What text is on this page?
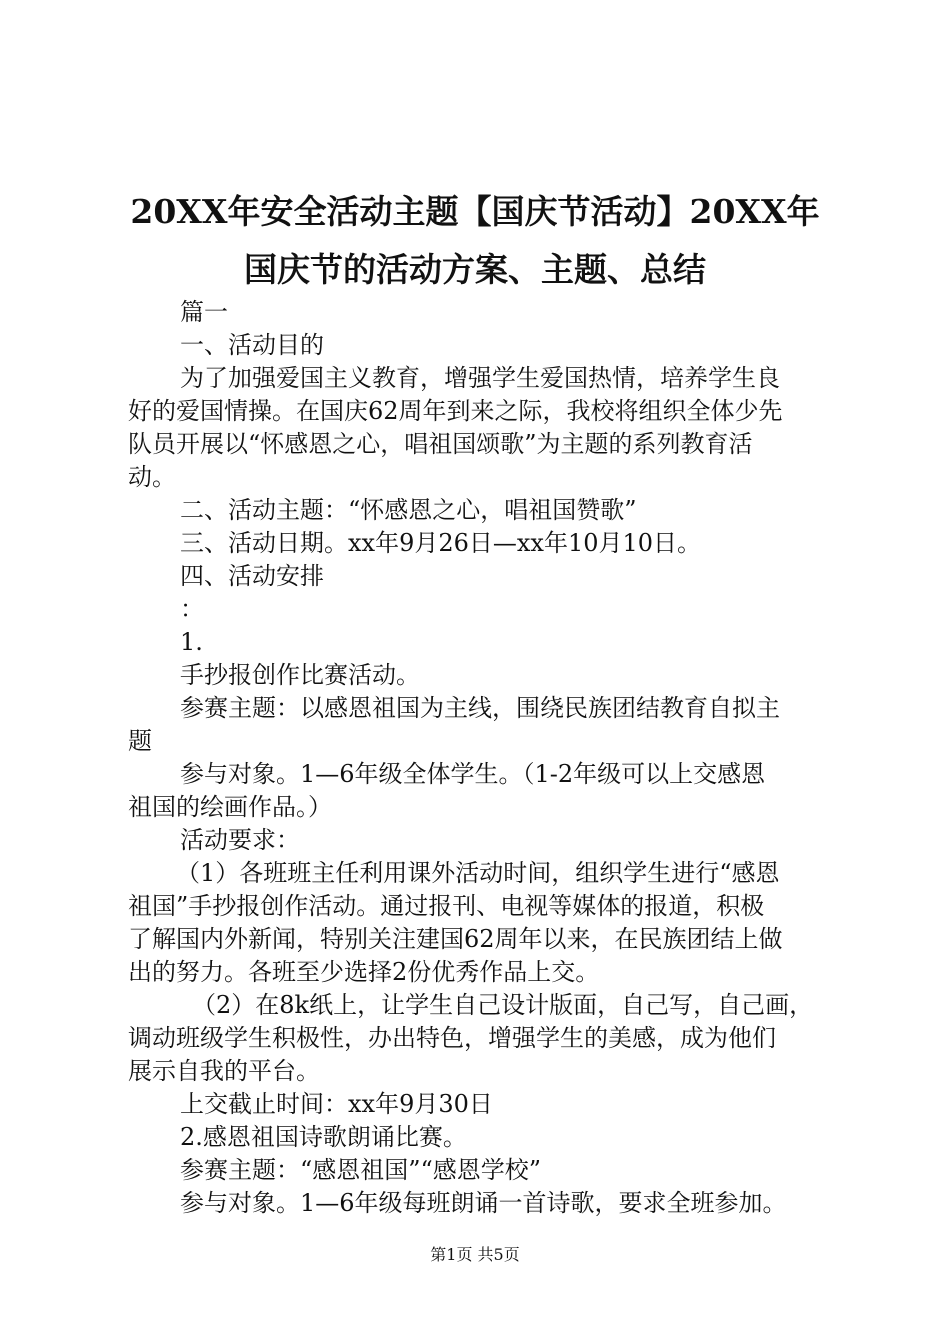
20XX年安全活动主题【国庆节活动】20XX年
国庆节的活动方案、主题、总结

篇一

一、活动目的

为了加强爱国主义教育，增强学生爱国热情，培养学生良

好的爱国情操。在国庆62周年到来之际，我校将组织全体少先

队员开展以“怀感恩之心，唱祖国颂歌”为主题的系列教育活

动。

二、活动主题：“怀感恩之心，唱祖国赞歌”

三、活动日期。xx年9月26日—xx年10月10日。

四、活动安排

：

1.

手抄报创作比赛活动。

参赛主题：以感恩祖国为主线，围绕民族团结教育自拟主

题

参与对象。1—6年级全体学生。（1-2年级可以上交感恩

祖国的绘画作品。）

活动要求：

（1）各班班主任利用课外活动时间，组织学生进行“感恩

祖国”手抄报创作活动。通过报刊、电视等媒体的报道，积极

了解国内外新闻，特别关注建国62周年以来，在民族团结上做

出的努力。各班至少选择2份优秀作品上交。

（2）在8k纸上，让学生自己设计版面，自己写，自己画，

调动班级学生积极性，办出特色，增强学生的美感，成为他们

展示自我的平台。

上交截止时间：xx年9月30日

2.感恩祖国诗歌朗诵比赛。

参赛主题：“感恩祖国”“感恩学校”

参与对象。1—6年级每班朗诵一首诗歌，要求全班参加。

第1页 共5页
